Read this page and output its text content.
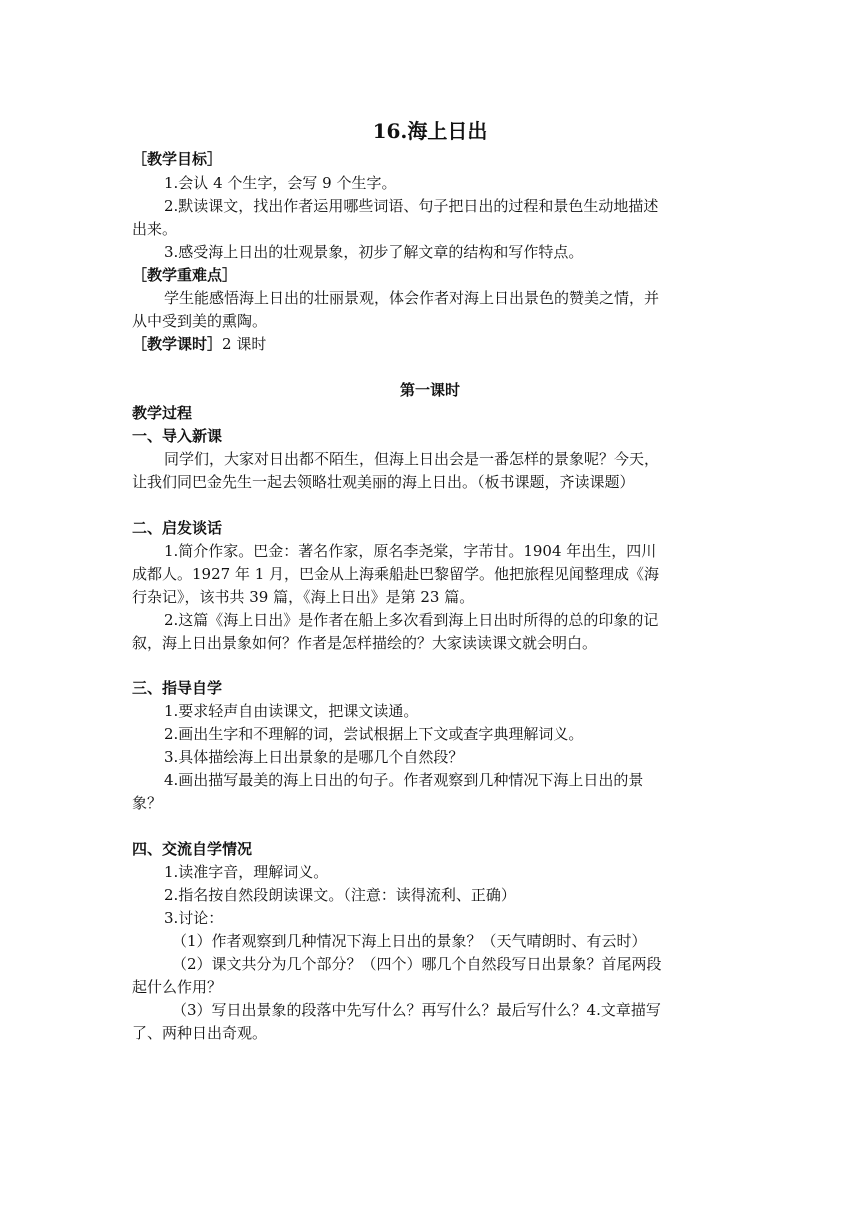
16.海上日出
［教学目标］
1.会认 4 个生字，会写 9 个生字。
2.默读课文，找出作者运用哪些词语、句子把日出的过程和景色生动地描述
出来。
3.感受海上日出的壮观景象，初步了解文章的结构和写作特点。
［教学重难点］
学生能感悟海上日出的壮丽景观，体会作者对海上日出景色的赞美之情，并
从中受到美的熏陶。
［教学课时］2 课时
第一课时
教学过程
一、导入新课
同学们，大家对日出都不陌生，但海上日出会是一番怎样的景象呢？今天，
让我们同巴金先生一起去领略壮观美丽的海上日出。（板书课题，齐读课题）
二、启发谈话
1.简介作家。巴金：著名作家，原名李尧棠，字芾甘。1904 年出生，四川
成都人。1927 年 1 月，巴金从上海乘船赴巴黎留学。他把旅程见闻整理成《海
行杂记》，该书共 39 篇，《海上日出》是第 23 篇。
2.这篇《海上日出》是作者在船上多次看到海上日出时所得的总的印象的记
叙，海上日出景象如何？作者是怎样描绘的？大家读读课文就会明白。
三、指导自学
1.要求轻声自由读课文，把课文读通。
2.画出生字和不理解的词，尝试根据上下文或查字典理解词义。
3.具体描绘海上日出景象的是哪几个自然段？
4.画出描写最美的海上日出的句子。作者观察到几种情况下海上日出的景
象？
四、交流自学情况
1.读准字音，理解词义。
2.指名按自然段朗读课文。（注意：读得流利、正确）
3.讨论：
（1）作者观察到几种情况下海上日出的景象？（天气晴朗时、有云时）
（2）课文共分为几个部分？（四个）哪几个自然段写日出景象？首尾两段
起什么作用？
（3）写日出景象的段落中先写什么？再写什么？最后写什么？4.文章描写
了、两种日出奇观。
